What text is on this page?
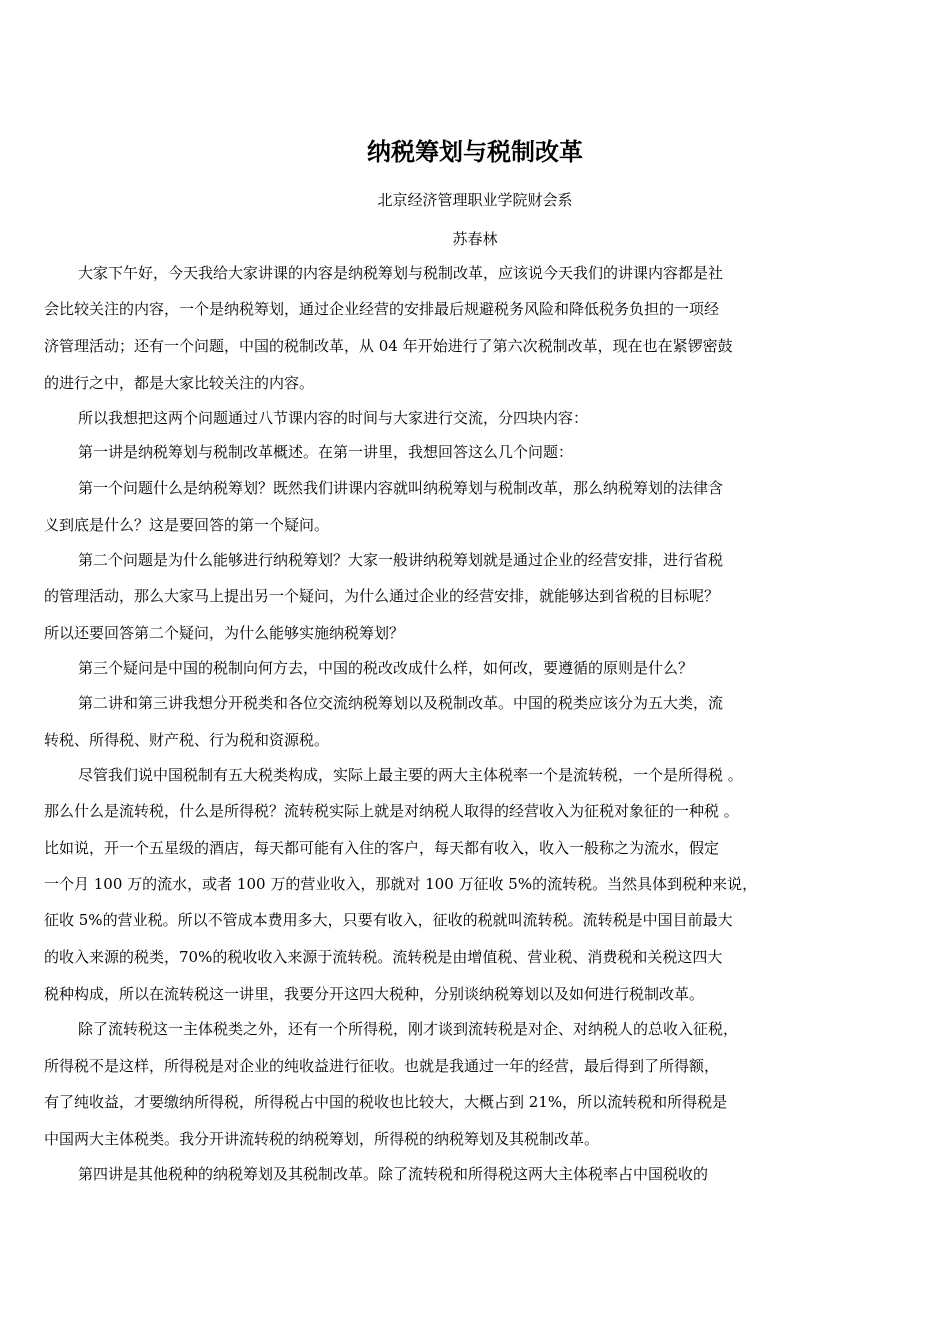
纳税筹划与税制改革
北京经济管理职业学院财会系
苏春林
大家下午好，今天我给大家讲课的内容是纳税筹划与税制改革，应该说今天我们的讲课内容都是社
会比较关注的内容，一个是纳税筹划，通过企业经营的安排最后规避税务风险和降低税务负担的一项经
济管理活动；还有一个问题，中国的税制改革，从 04 年开始进行了第六次税制改革，现在也在紧锣密鼓
的进行之中，都是大家比较关注的内容。
所以我想把这两个问题通过八节课内容的时间与大家进行交流，分四块内容：
第一讲是纳税筹划与税制改革概述。在第一讲里，我想回答这么几个问题：
第一个问题什么是纳税筹划？既然我们讲课内容就叫纳税筹划与税制改革，那么纳税筹划的法律含
义到底是什么？这是要回答的第一个疑问。
第二个问题是为什么能够进行纳税筹划？大家一般讲纳税筹划就是通过企业的经营安排，进行省税
的管理活动，那么大家马上提出另一个疑问，为什么通过企业的经营安排，就能够达到省税的目标呢？
所以还要回答第二个疑问，为什么能够实施纳税筹划？
第三个疑问是中国的税制向何方去，中国的税改改成什么样，如何改，要遵循的原则是什么？
第二讲和第三讲我想分开税类和各位交流纳税筹划以及税制改革。中国的税类应该分为五大类，流
转税、所得税、财产税、行为税和资源税。
尽管我们说中国税制有五大税类构成，实际上最主要的两大主体税率一个是流转税，一个是所得税 。
那么什么是流转税，什么是所得税？流转税实际上就是对纳税人取得的经营收入为征税对象征的一种税 。
比如说，开一个五星级的酒店，每天都可能有入住的客户，每天都有收入，收入一般称之为流水，假定
一个月 100 万的流水，或者 100 万的营业收入，那就对 100 万征收 5%的流转税。当然具体到税种来说，
征收 5%的营业税。所以不管成本费用多大，只要有收入，征收的税就叫流转税。流转税是中国目前最大
的收入来源的税类，70%的税收收入来源于流转税。流转税是由增值税、营业税、消费税和关税这四大
税种构成，所以在流转税这一讲里，我要分开这四大税种，分别谈纳税筹划以及如何进行税制改革。
除了流转税这一主体税类之外，还有一个所得税，刚才谈到流转税是对企、对纳税人的总收入征税，
所得税不是这样，所得税是对企业的纯收益进行征收。也就是我通过一年的经营，最后得到了所得额，
有了纯收益，才要缴纳所得税，所得税占中国的税收也比较大，大概占到 21%，所以流转税和所得税是
中国两大主体税类。我分开讲流转税的纳税筹划，所得税的纳税筹划及其税制改革。
第四讲是其他税种的纳税筹划及其税制改革。除了流转税和所得税这两大主体税率占中国税收的
